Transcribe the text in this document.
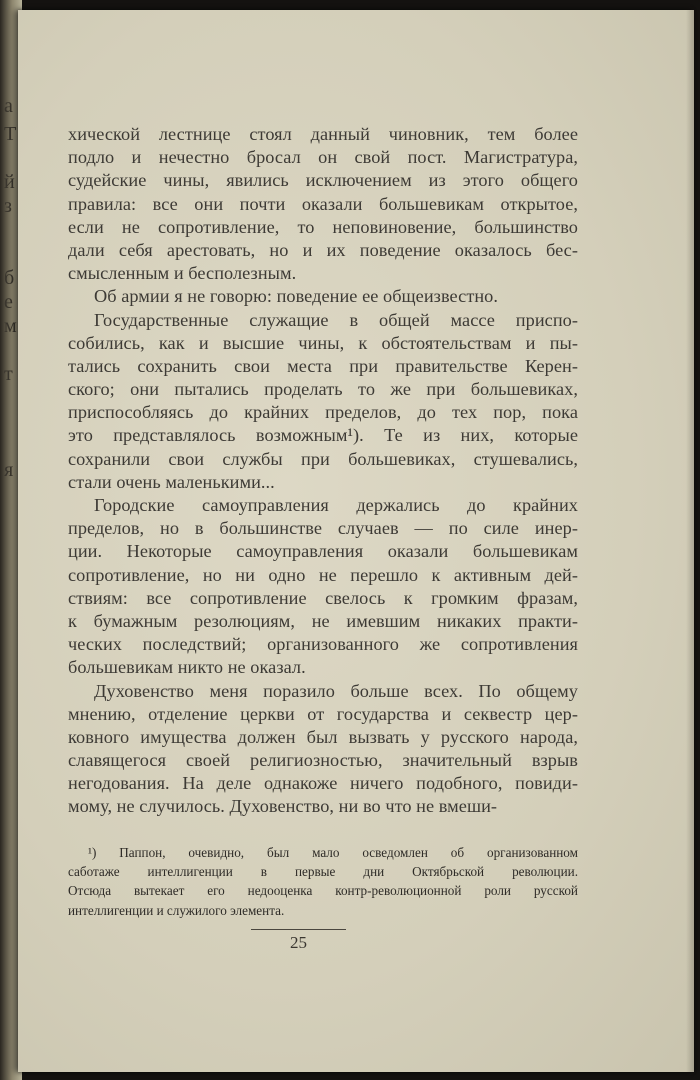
а
Т
й
з
б
е
м
т
я
хической лестнице стоял данный чиновник, тем более
подло и нечестно бросал он свой пост. Магистратура,
судейские чины, явились исключением из этого общего
правила: все они почти оказали большевикам открытое,
если не сопротивление, то неповиновение, большинство
дали себя арестовать, но и их поведение оказалось бес-
смысленным и бесполезным.
Об армии я не говорю: поведение ее общеизвестно.
Государственные служащие в общей массе приспо-
собились, как и высшие чины, к обстоятельствам и пы-
тались сохранить свои места при правительстве Керен-
ского; они пытались проделать то же при большевиках,
приспособляясь до крайних пределов, до тех пор, пока
это представлялось возможным¹). Те из них, которые
сохранили свои службы при большевиках, стушевались,
стали очень маленькими...
Городские самоуправления держались до крайних
пределов, но в большинстве случаев — по силе инер-
ции. Некоторые самоуправления оказали большевикам
сопротивление, но ни одно не перешло к активным дей-
ствиям: все сопротивление свелось к громким фразам,
к бумажным резолюциям, не имевшим никаких практи-
ческих последствий; организованного же сопротивления
большевикам никто не оказал.
Духовенство меня поразило больше всех. По общему
мнению, отделение церкви от государства и секвестр цер-
ковного имущества должен был вызвать у русского народа,
славящегося своей религиозностью, значительный взрыв
негодования. На деле однакоже ничего подобного, повиди-
мому, не случилось. Духовенство, ни во что не вмеши-
¹) Паппон, очевидно, был мало осведомлен об организованном
саботаже интеллигенции в первые дни Октябрьской революции.
Отсюда вытекает его недооценка контр-революционной роли русской
интеллигенции и служилого элемента.
25
